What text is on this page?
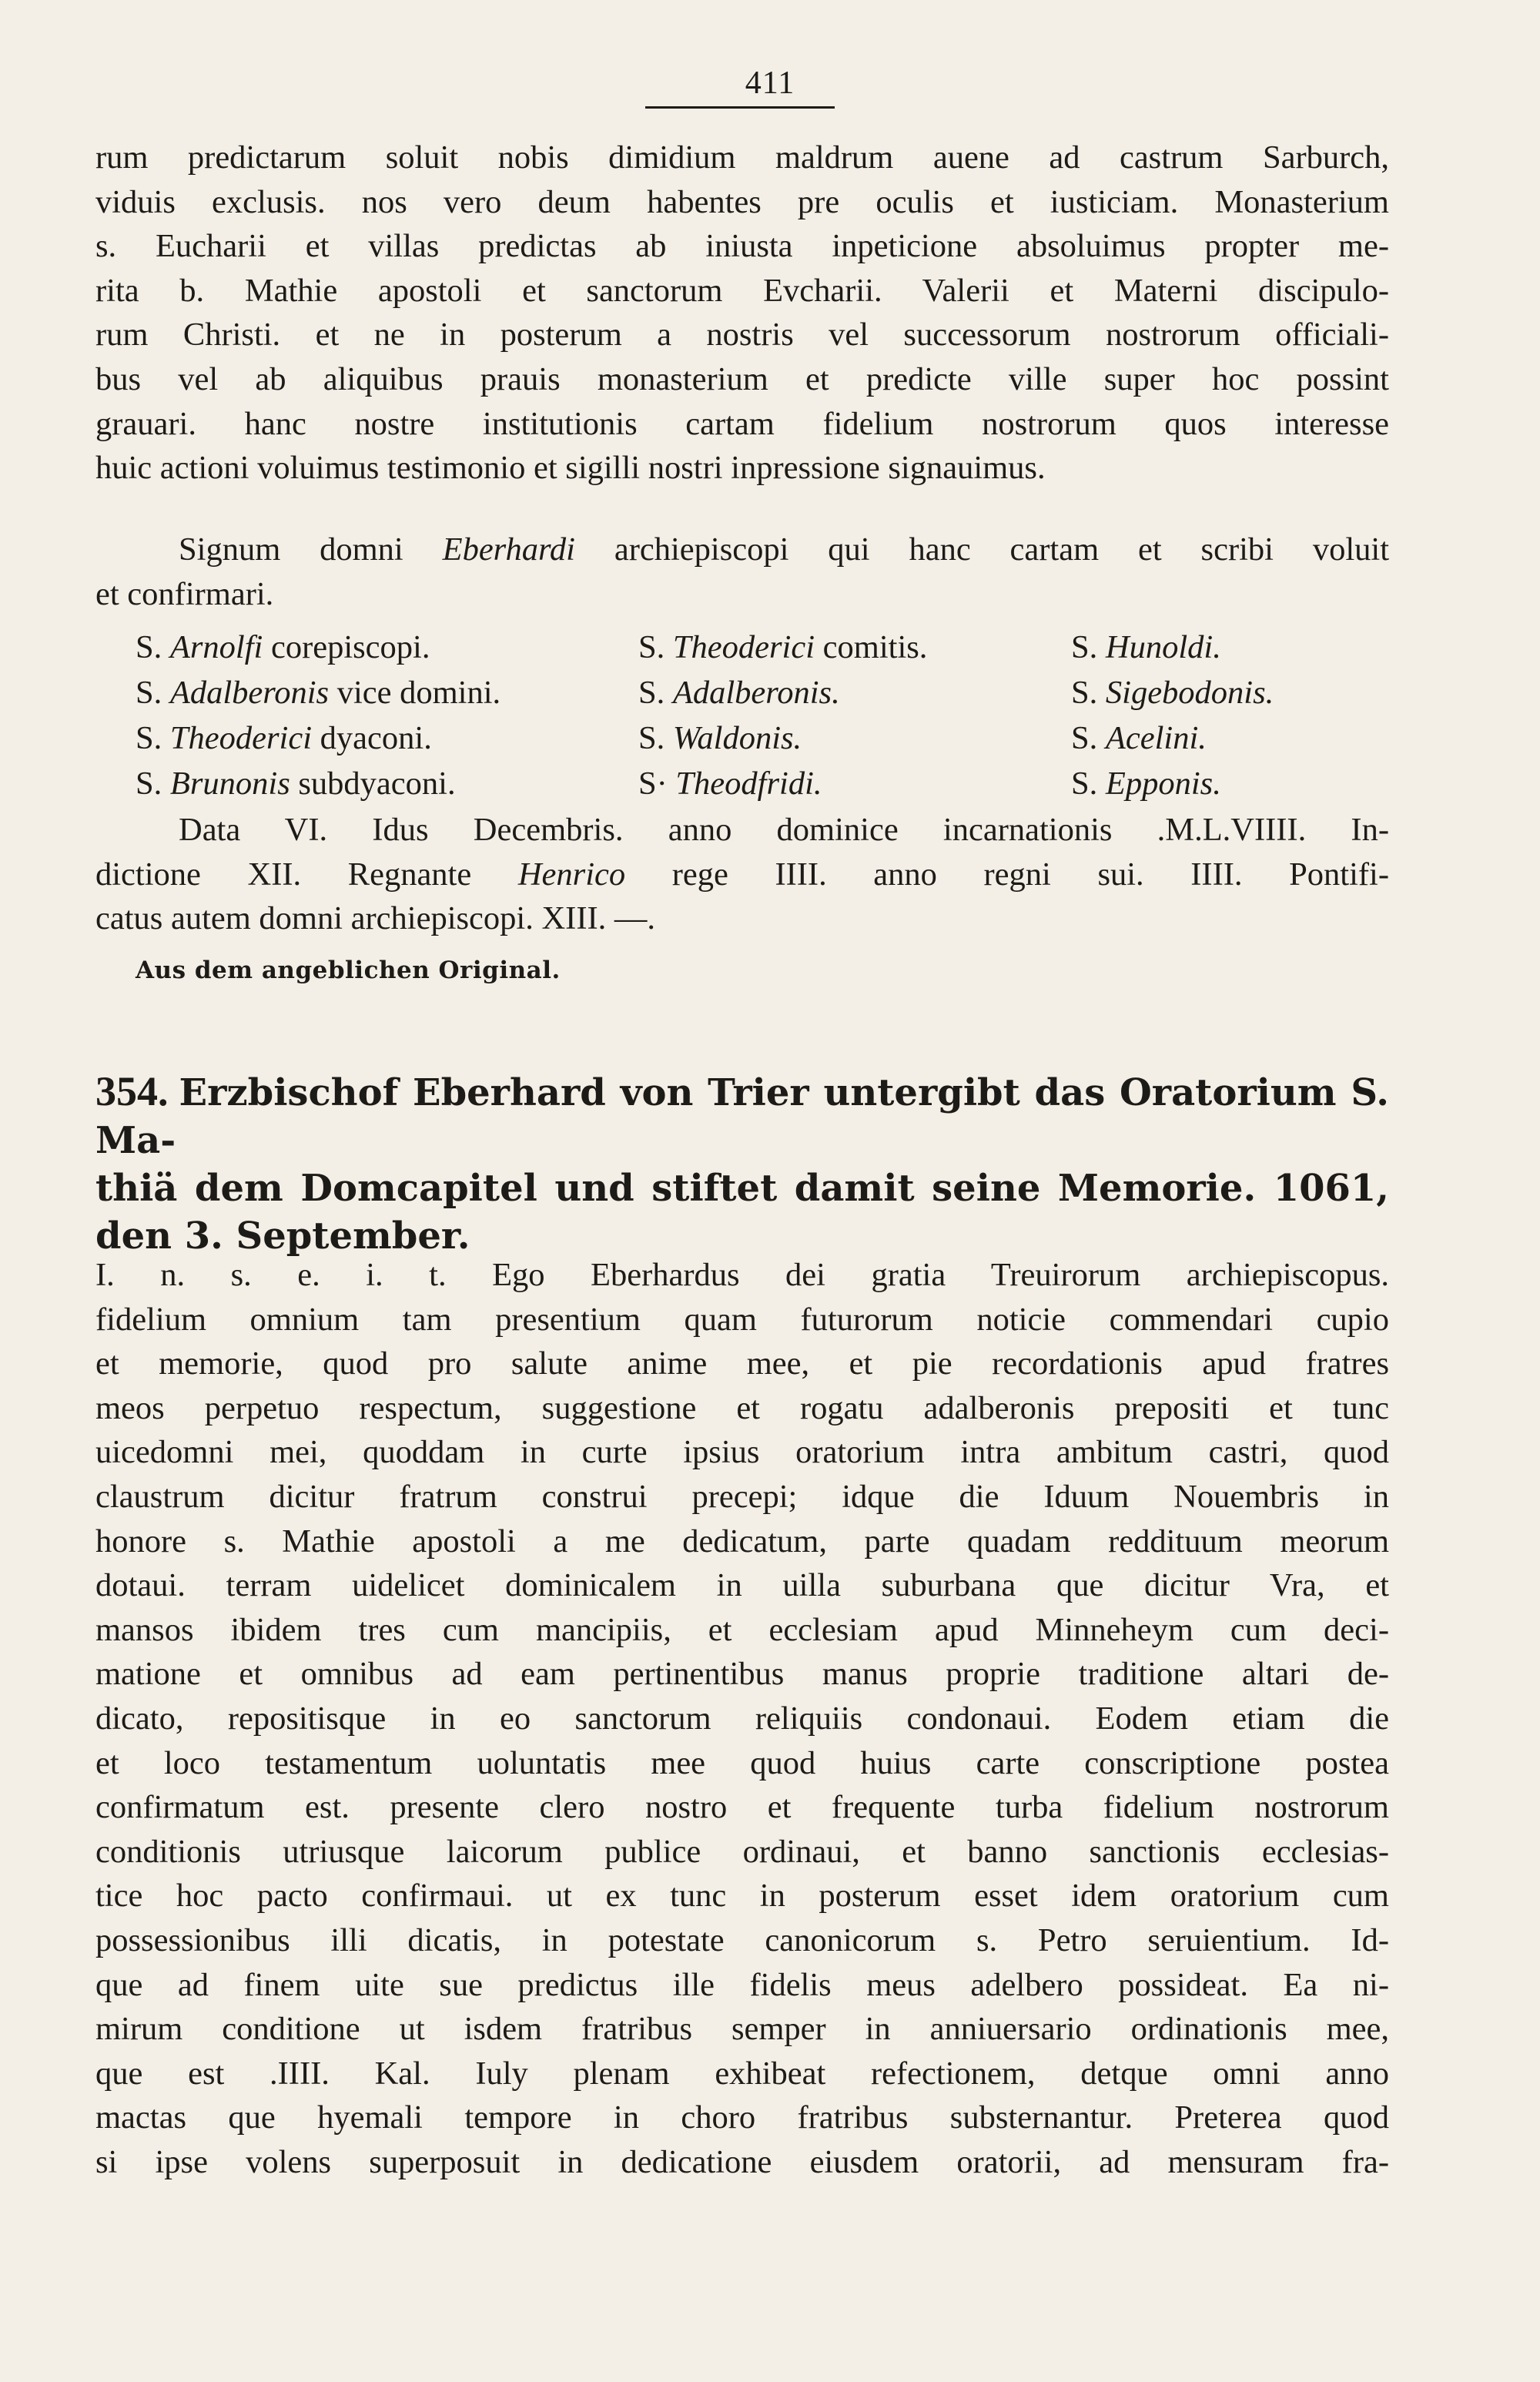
411

rum predictarum soluit nobis dimidium maldrum auene ad castrum Sarburch,

viduis exclusis. nos vero deum habentes pre oculis et iusticiam. Monasterium

s. Eucharii et villas predictas ab iniusta inpeticione absoluimus propter me-

rita b. Mathie apostoli et sanctorum Evcharii. Valerii et Materni discipulo-

rum Christi. et ne in posterum a nostris vel successorum nostrorum officiali-

bus vel ab aliquibus prauis monasterium et predicte ville super hoc possint

grauari. hanc nostre institutionis cartam fidelium nostrorum quos interesse

huic actioni voluimus testimonio et sigilli nostri inpressione signauimus.

Signum domni Eberhardi archiepiscopi qui hanc cartam et scribi voluit

et confirmari.

S. Arnolfi corepiscopi.	S. Theoderici comitis.	S. Hunoldi.
S. Adalberonis vice domini.	S. Adalberonis.	S. Sigebodonis.
S. Theoderici dyaconi.	S. Waldonis.	S. Acelini.
S. Brunonis subdyaconi.	S· Theodfridi.	S. Epponis.

Data VI. Idus Decembris. anno dominice incarnationis .M.L.VIIII. In-

dictione XII. Regnante Henrico rege IIII. anno regni sui. IIII. Pontifi-

catus autem domni archiepiscopi. XIII. —.

Aus dem angeblichen Original.
354. Erzbischof Eberhard von Trier untergibt das Oratorium S. Ma-
thiä dem Domcapitel und stiftet damit seine Memorie. 1061,
den 3. September.

I. n. s. e. i. t. Ego Eberhardus dei gratia Treuirorum archiepiscopus.

fidelium omnium tam presentium quam futurorum noticie commendari cupio

et memorie, quod pro salute anime mee, et pie recordationis apud fratres

meos perpetuo respectum, suggestione et rogatu adalberonis prepositi et tunc

uicedomni mei, quoddam in curte ipsius oratorium intra ambitum castri, quod

claustrum dicitur fratrum construi precepi; idque die Iduum Nouembris in

honore s. Mathie apostoli a me dedicatum, parte quadam reddituum meorum

dotaui. terram uidelicet dominicalem in uilla suburbana que dicitur Vra, et

mansos ibidem tres cum mancipiis, et ecclesiam apud Minneheym cum deci-

matione et omnibus ad eam pertinentibus manus proprie traditione altari de-

dicato, repositisque in eo sanctorum reliquiis condonaui. Eodem etiam die

et loco testamentum uoluntatis mee quod huius carte conscriptione postea

confirmatum est. presente clero nostro et frequente turba fidelium nostrorum

conditionis utriusque laicorum publice ordinaui, et banno sanctionis ecclesias-

tice hoc pacto confirmaui. ut ex tunc in posterum esset idem oratorium cum

possessionibus illi dicatis, in potestate canonicorum s. Petro seruientium. Id-

que ad finem uite sue predictus ille fidelis meus adelbero possideat. Ea ni-

mirum conditione ut isdem fratribus semper in anniuersario ordinationis mee,

que est .IIII. Kal. Iuly plenam exhibeat refectionem, detque omni anno

mactas que hyemali tempore in choro fratribus substernantur. Preterea quod

si ipse volens superposuit in dedicatione eiusdem oratorii, ad mensuram fra-
